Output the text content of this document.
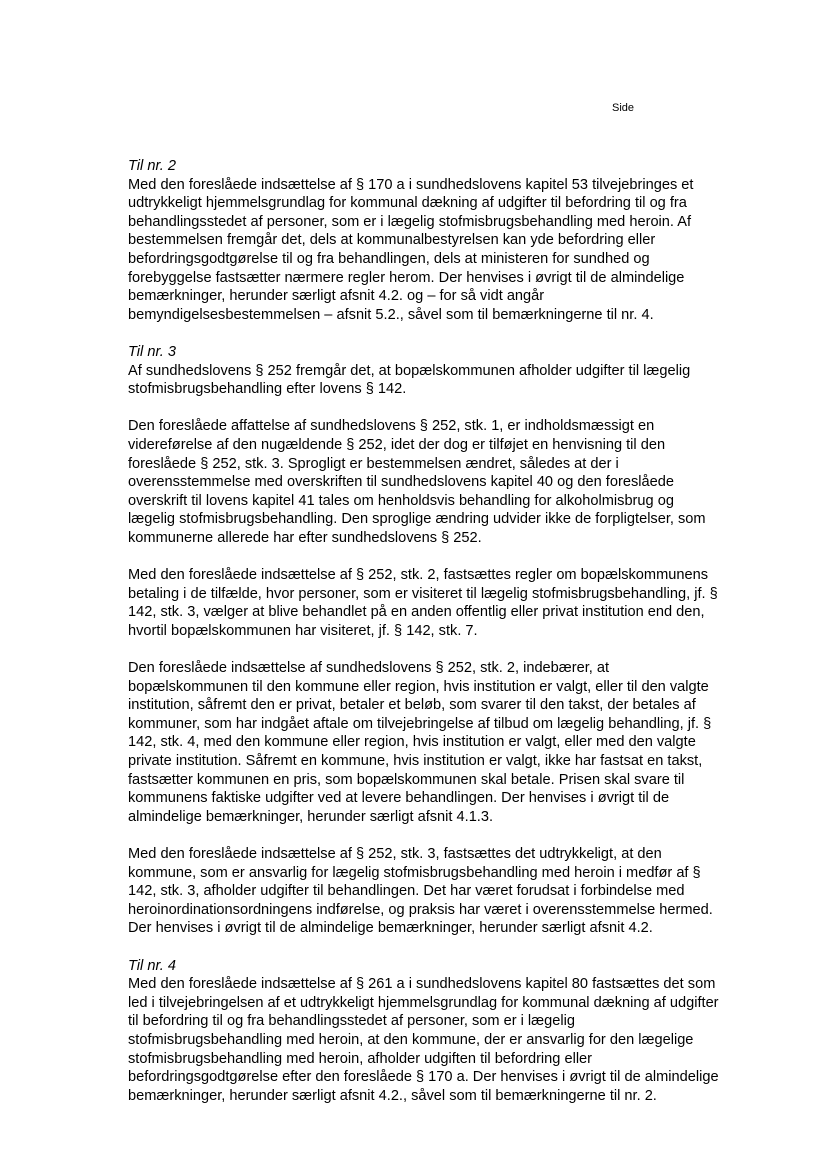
Side
Til nr. 2
Med den foreslåede indsættelse af § 170 a i sundhedslovens kapitel 53 tilvejebringes et
udtrykkeligt hjemmelsgrundlag for kommunal dækning af udgifter til befordring til og fra
behandlingsstedet af personer, som er i lægelig stofmisbrugsbehandling med heroin. Af
bestemmelsen fremgår det, dels at kommunalbestyrelsen kan yde befordring eller
befordringsgodtgørelse til og fra behandlingen, dels at ministeren for sundhed og
forebyggelse fastsætter nærmere regler herom. Der henvises i øvrigt til de almindelige
bemærkninger, herunder særligt afsnit 4.2. og – for så vidt angår
bemyndigelsesbestemmelsen – afsnit 5.2., såvel som til bemærkningerne til nr. 4.
Til nr. 3
Af sundhedslovens § 252 fremgår det, at bopælskommunen afholder udgifter til lægelig
stofmisbrugsbehandling efter lovens § 142.
Den foreslåede affattelse af sundhedslovens § 252, stk. 1, er indholdsmæssigt en
videreførelse af den nugældende § 252, idet der dog er tilføjet en henvisning til den
foreslåede § 252, stk. 3. Sprogligt er bestemmelsen ændret, således at der i
overensstemmelse med overskriften til sundhedslovens kapitel 40 og den foreslåede
overskrift til lovens kapitel 41 tales om henholdsvis behandling for alkoholmisbrug og
lægelig stofmisbrugsbehandling. Den sproglige ændring udvider ikke de forpligtelser, som
kommunerne allerede har efter sundhedslovens § 252.
Med den foreslåede indsættelse af § 252, stk. 2, fastsættes regler om bopælskommunens
betaling i de tilfælde, hvor personer, som er visiteret til lægelig stofmisbrugsbehandling, jf. §
142, stk. 3, vælger at blive behandlet på en anden offentlig eller privat institution end den,
hvortil bopælskommunen har visiteret, jf. § 142, stk. 7.
Den foreslåede indsættelse af sundhedslovens § 252, stk. 2, indebærer, at
bopælskommunen til den kommune eller region, hvis institution er valgt, eller til den valgte
institution, såfremt den er privat, betaler et beløb, som svarer til den takst, der betales af
kommuner, som har indgået aftale om tilvejebringelse af tilbud om lægelig behandling, jf. §
142, stk. 4, med den kommune eller region, hvis institution er valgt, eller med den valgte
private institution. Såfremt en kommune, hvis institution er valgt, ikke har fastsat en takst,
fastsætter kommunen en pris, som bopælskommunen skal betale. Prisen skal svare til
kommunens faktiske udgifter ved at levere behandlingen. Der henvises i øvrigt til de
almindelige bemærkninger, herunder særligt afsnit 4.1.3.
Med den foreslåede indsættelse af § 252, stk. 3, fastsættes det udtrykkeligt, at den
kommune, som er ansvarlig for lægelig stofmisbrugsbehandling med heroin i medfør af §
142, stk. 3, afholder udgifter til behandlingen. Det har været forudsat i forbindelse med
heroinordinationsordningens indførelse, og praksis har været i overensstemmelse hermed.
Der henvises i øvrigt til de almindelige bemærkninger, herunder særligt afsnit 4.2.
Til nr. 4
Med den foreslåede indsættelse af § 261 a i sundhedslovens kapitel 80 fastsættes det som
led i tilvejebringelsen af et udtrykkeligt hjemmelsgrundlag for kommunal dækning af udgifter
til befordring til og fra behandlingsstedet af personer, som er i lægelig
stofmisbrugsbehandling med heroin, at den kommune, der er ansvarlig for den lægelige
stofmisbrugsbehandling med heroin, afholder udgiften til befordring eller
befordringsgodtgørelse efter den foreslåede § 170 a. Der henvises i øvrigt til de almindelige
bemærkninger, herunder særligt afsnit 4.2., såvel som til bemærkningerne til nr. 2.
